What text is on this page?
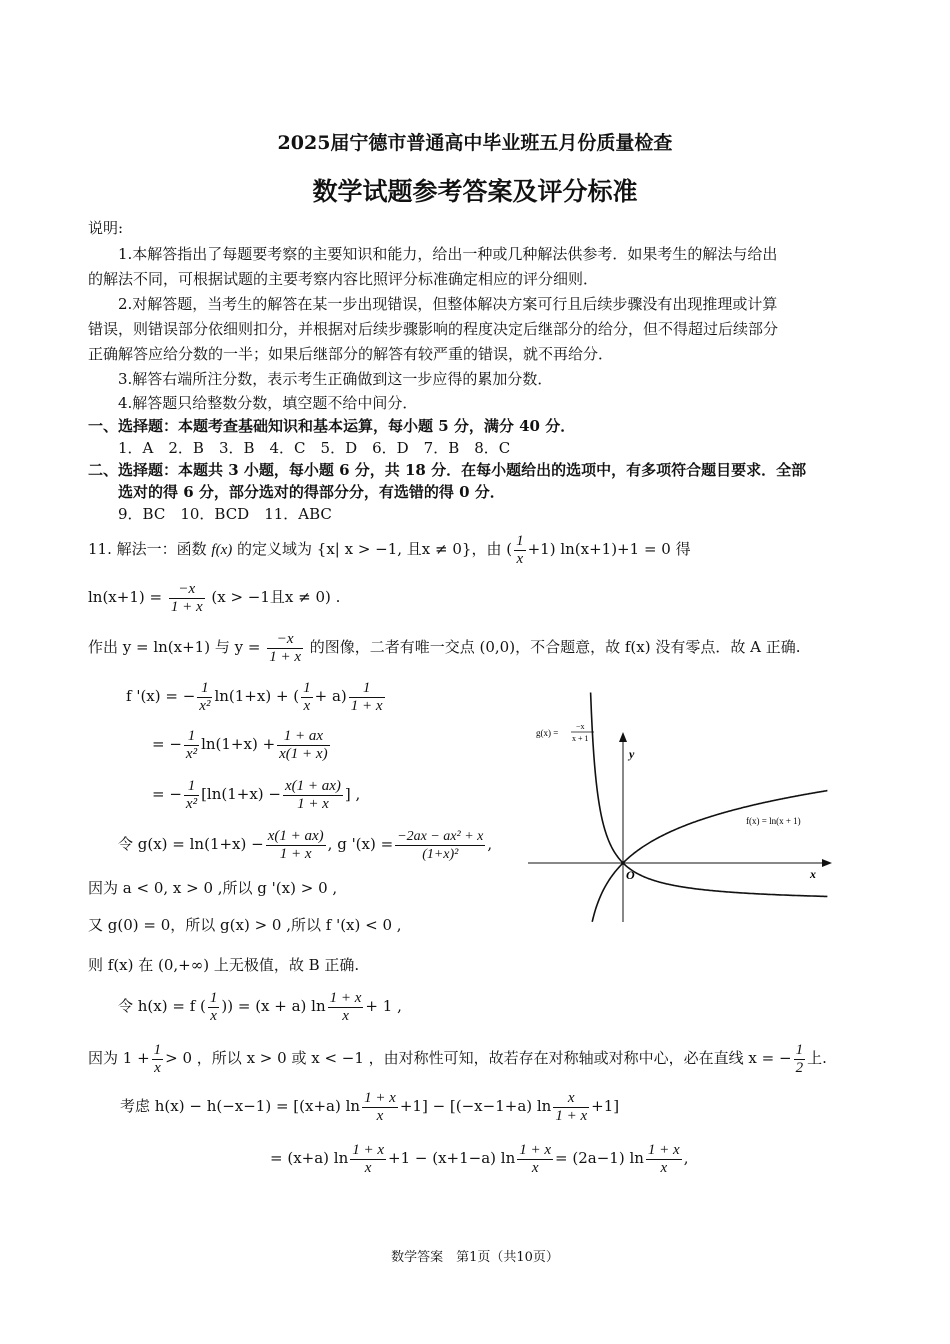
2025届宁德市普通高中毕业班五月份质量检查
数学试题参考答案及评分标准
说明:
1.本解答指出了每题要考察的主要知识和能力，给出一种或几种解法供参考．如果考生的解法与给出
的解法不同，可根据试题的主要考察内容比照评分标准确定相应的评分细则．
2.对解答题，当考生的解答在某一步出现错误，但整体解决方案可行且后续步骤没有出现推理或计算
错误，则错误部分依细则扣分，并根据对后续步骤影响的程度决定后继部分的给分，但不得超过后续部分
正确解答应给分数的一半；如果后继部分的解答有较严重的错误，就不再给分．
3.解答右端所注分数，表示考生正确做到这一步应得的累加分数．
4.解答题只给整数分数，填空题不给中间分．
一、选择题：本题考查基础知识和基本运算，每小题 5 分，满分 40 分．
1．A　2．B　3．B　4．C　5．D　6．D　7．B　8．C
二、选择题：本题共 3 小题，每小题 6 分，共 18 分．在每小题给出的选项中，有多项符合题目要求．全部
选对的得 6 分，部分选对的得部分分，有选错的得 0 分．
9．BC　10．BCD　11．ABC
11. 解法一：函数 f(x) 的定义域为 {x| x > −1, 且x ≠ 0}，由 ( $\frac{1}{x} +1$) ln(x+1)+1 = 0 得
$\ln(x+1) = \frac{-x}{1 + x} (x > -1$且x ≠ 0) .
作出 y = ln(x+1) 与 $y = \frac{-x}{1 + x}$ 的图像，二者有唯一交点 (0,0)，不合题意，故 f(x) 没有零点．故 A 正确.
f '(x) = − $\frac{1}{\text{x²}} \ln(1+x)$ + ( $\frac{1}{x} + a) \frac{1}{1 + x}$
= − $\frac{1}{\text{x²}} \ln(1+x) + \frac{1 + ax}{x(1 + x)}$
= − $\frac{1}{\text{x²}} [\ln(1+x) - \frac{x(1 + ax)}{1 + x}$ ] ,
令 $g(x) = \ln(1+x) - \frac{x(1 + ax)}{1 + x}$ , g '$(x) = \frac{\text{−2ax − ax² + x}}{\text{(1+x)²}}$ ,
因为 a < 0, x > 0 ,所以 g '(x) > 0 ,
又 g(0) = 0，所以 g(x) > 0 ,所以 f '(x) < 0 ,
则 f(x) 在 (0,+∞) 上无极值，故 B 正确.
令 h(x) = f ( $\frac{1}{x}$ )) = (x + a) $\ln \frac{1 + x}{x} + 1$ ,
因为 $1 + \frac{1}{x} > 0$ ，所以 x > 0 或 x < −1 ，由对称性可知，故若存在对称轴或对称中心，必在直线 x = − $\frac{1}{2}$ 上.
考虑 h(x) − h(−x−1) = [(x+a) $\ln \frac{1 + x}{x} +1] - [(-x-1+a)$ $\ln \frac{x}{1 + x} +1$]
= (x+a) $\ln \frac{1 + x}{x} +1 - (x+1-a)$ $\ln \frac{1 + x}{x} = (2a-1)$ $\ln \frac{1 + x}{x}$ ,
g(x) =
−x
x + 1
f(x) = ln(x + 1)
y
x
O
数学答案　第1页（共10页）
